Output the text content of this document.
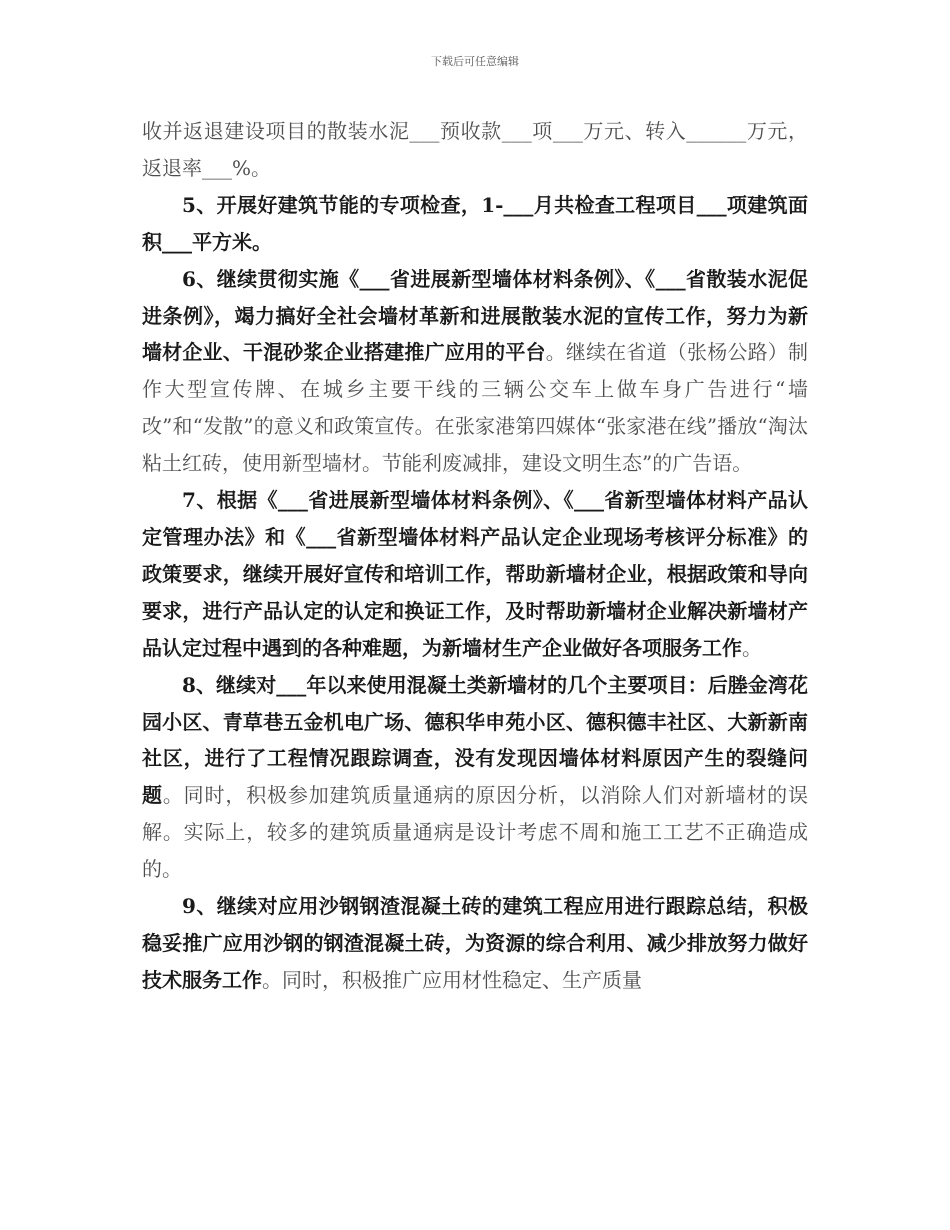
下载后可任意编辑

收并返退建设项目的散装水泥___预收款___项___万元、转入______万元，返退率___%。

5、开展好建筑节能的专项检查，1-___月共检查工程项目___项建筑面积___平方米。

6、继续贯彻实施《___省进展新型墙体材料条例》、《___省散装水泥促进条例》，竭力搞好全社会墙材革新和进展散装水泥的宣传工作，努力为新墙材企业、干混砂浆企业搭建推广应用的平台。继续在省道（张杨公路）制作大型宣传牌、在城乡主要干线的三辆公交车上做车身广告进行“墙改”和“发散”的意义和政策宣传。在张家港第四媒体“张家港在线”播放“淘汰粘土红砖，使用新型墙材。节能利废减排，建设文明生态”的广告语。

7、根据《___省进展新型墙体材料条例》、《___省新型墙体材料产品认定管理办法》和《___省新型墙体材料产品认定企业现场考核评分标准》的政策要求，继续开展好宣传和培训工作，帮助新墙材企业，根据政策和导向要求，进行产品认定的认定和换证工作，及时帮助新墙材企业解决新墙材产品认定过程中遇到的各种难题，为新墙材生产企业做好各项服务工作。

8、继续对___年以来使用混凝土类新墙材的几个主要项目：后塍金湾花园小区、青草巷五金机电广场、德积华申苑小区、德积德丰社区、大新新南社区，进行了工程情况跟踪调查，没有发现因墙体材料原因产生的裂缝问题。同时，积极参加建筑质量通病的原因分析，以消除人们对新墙材的误解。实际上，较多的建筑质量通病是设计考虑不周和施工工艺不正确造成的。

9、继续对应用沙钢钢渣混凝土砖的建筑工程应用进行跟踪总结，积极稳妥推广应用沙钢的钢渣混凝土砖，为资源的综合利用、减少排放努力做好技术服务工作。同时，积极推广应用材性稳定、生产质量
